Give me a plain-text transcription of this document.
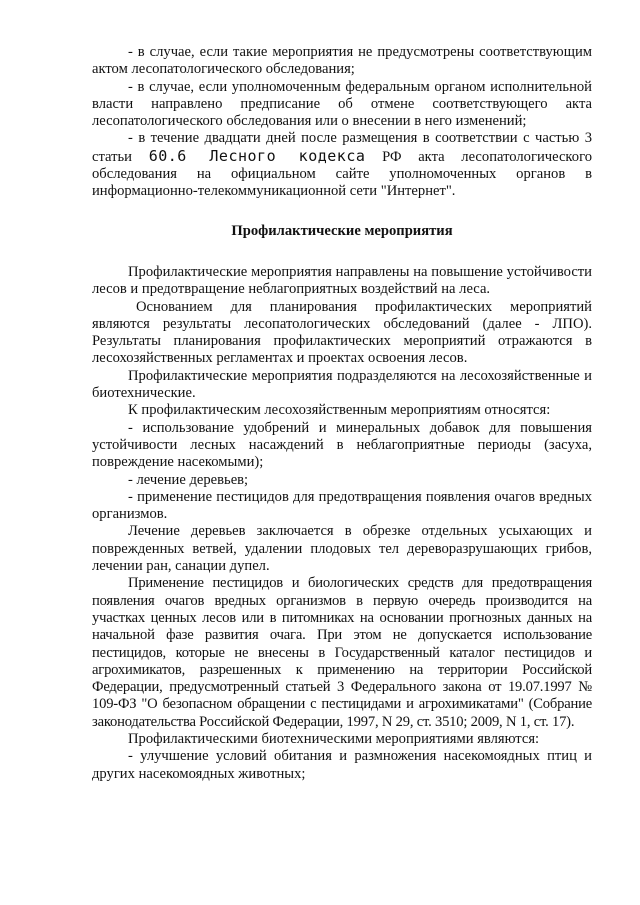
- в случае, если такие мероприятия не предусмотрены соответствующим актом лесопатологического обследования;

- в случае, если уполномоченным федеральным органом исполнительной власти направлено предписание об отмене соответствующего акта лесопатологического обследования или о внесении в него изменений;

- в течение двадцати дней после размещения в соответствии с частью 3 статьи 60.6 Лесного кодекса РФ акта лесопатологического обследования на официальном сайте уполномоченных органов в информационно-телекоммуникационной сети "Интернет".

Профилактические мероприятия

Профилактические мероприятия направлены на повышение устойчивости лесов и предотвращение неблагоприятных воздействий на леса.

Основанием для планирования профилактических мероприятий являются результаты лесопатологических обследований (далее - ЛПО). Результаты планирования профилактических мероприятий отражаются в лесохозяйственных регламентах и проектах освоения лесов.

Профилактические мероприятия подразделяются на лесохозяйственные и биотехнические.

К профилактическим лесохозяйственным мероприятиям относятся:

- использование удобрений и минеральных добавок для повышения устойчивости лесных насаждений в неблагоприятные периоды (засуха, повреждение насекомыми);

- лечение деревьев;

- применение пестицидов для предотвращения появления очагов вредных организмов.

Лечение деревьев заключается в обрезке отдельных усыхающих и поврежденных ветвей, удалении плодовых тел дереворазрушающих грибов, лечении ран, санации дупел.

Применение пестицидов и биологических средств для предотвращения появления очагов вредных организмов в первую очередь производится на участках ценных лесов или в питомниках на основании прогнозных данных на начальной фазе развития очага. При этом не допускается использование пестицидов, которые не внесены в Государственный каталог пестицидов и агрохимикатов, разрешенных к применению на территории Российской Федерации, предусмотренный статьей 3 Федерального закона от 19.07.1997 № 109-ФЗ "О безопасном обращении с пестицидами и агрохимикатами" (Собрание законодательства Российской Федерации, 1997, N 29, ст. 3510; 2009, N 1, ст. 17).

Профилактическими биотехническими мероприятиями являются:

- улучшение условий обитания и размножения насекомоядных птиц и других насекомоядных животных;
